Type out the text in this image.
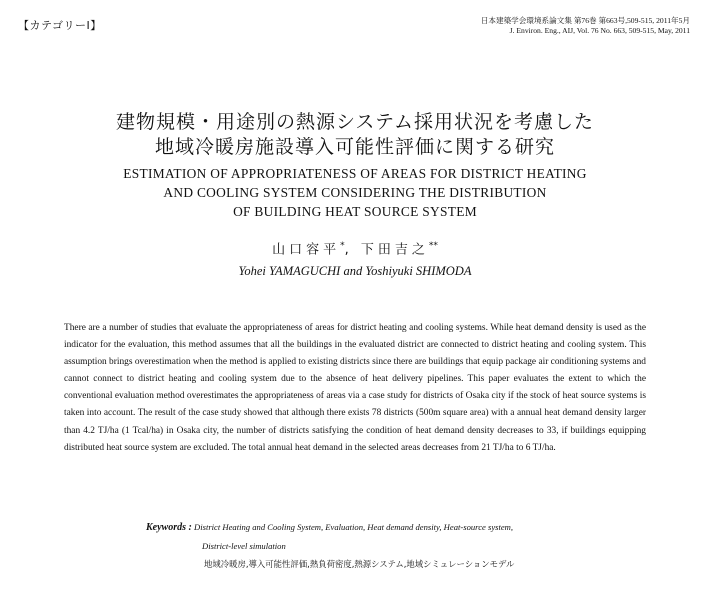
【カテゴリーⅠ】	日本建築学会環境系論文集 第76巻 第663号,509-515, 2011年5月
J. Environ. Eng., AIJ, Vol. 76 No. 663, 509-515, May, 2011
建物規模・用途別の熱源システム採用状況を考慮した
地域冷暖房施設導入可能性評価に関する研究
ESTIMATION OF APPROPRIATENESS OF AREAS FOR DISTRICT HEATING
AND COOLING SYSTEM CONSIDERING THE DISTRIBUTION
OF BUILDING HEAT SOURCE SYSTEM
山口容平*, 下田吉之**
Yohei YAMAGUCHI and Yoshiyuki SHIMODA
There are a number of studies that evaluate the appropriateness of areas for district heating and cooling systems. While heat demand density is used as the indicator for the evaluation, this method assumes that all the buildings in the evaluated district are connected to district heating and cooling system. This assumption brings overestimation when the method is applied to existing districts since there are buildings that equip package air conditioning systems and cannot connect to district heating and cooling system due to the absence of heat delivery pipelines. This paper evaluates the extent to which the conventional evaluation method overestimates the appropriateness of areas via a case study for districts of Osaka city if the stock of heat source systems is taken into account. The result of the case study showed that although there exists 78 districts (500m square area) with a annual heat demand density larger than 4.2 TJ/ha (1 Tcal/ha) in Osaka city, the number of districts satisfying the condition of heat demand density decreases to 33, if buildings equipping distributed heat source system are excluded. The total annual heat demand in the selected areas decreases from 21 TJ/ha to 6 TJ/ha.
Keywords : District Heating and Cooling System, Evaluation, Heat demand density, Heat-source system,
District-level simulation
地域冷暖房,導入可能性評価,熱負荷密度,熱源システム,地域シミュレーションモデル
